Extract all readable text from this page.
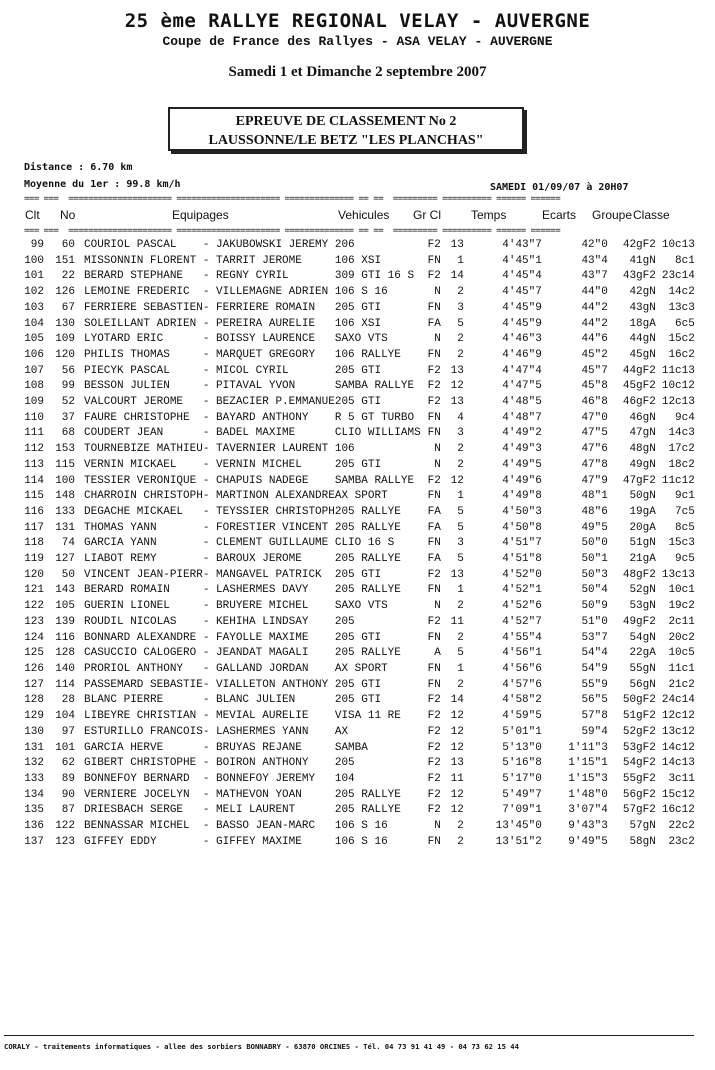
25 ème RALLYE REGIONAL VELAY - AUVERGNE
Coupe de France des Rallyes - ASA VELAY - AUVERGNE
Samedi 1 et Dimanche 2 septembre 2007
EPREUVE DE CLASSEMENT No 2
LAUSSONNE/LE BETZ "LES PLANCHAS"
Distance : 6.70 km
Moyenne du 1er : 99.8 km/h	SAMEDI 01/09/07 à 20H07
=== ===  ===================== ===================== ============== == ==  ========= ========== ====== ======
Clt No	Equipages	Vehicules Gr Cl	Temps	Ecarts Groupe Classe
=== ===  ===================== ===================== ============== == ==  ========= ========== ====== ======
99	60	COURIOL PASCAL	- JAKUBOWSKI JEREMY	206	F2	13	4'43"7	42"0	42gF2	10c13
100	151	MISSONNIN FLORENT	- TARRIT JEROME	106 XSI	FN	1	4'45"1	43"4	41gN	8c1
101	22	BERARD STEPHANE	- REGNY CYRIL	309 GTI 16 S	F2	14	4'45"4	43"7	43gF2	23c14
102	126	LEMOINE FREDERIC	- VILLEMAGNE ADRIEN	106 S 16	N	2	4'45"7	44"0	42gN	14c2
103	67	FERRIERE SEBASTIEN	- FERRIERE ROMAIN	205 GTI	FN	3	4'45"9	44"2	43gN	13c3
104	130	SOLEILLANT ADRIEN	- PEREIRA AURELIE	106 XSI	FA	5	4'45"9	44"2	18gA	6c5
105	109	LYOTARD ERIC	- BOISSY LAURENCE	SAXO VTS	N	2	4'46"3	44"6	44gN	15c2
106	120	PHILIS THOMAS	- MARQUET GREGORY	106 RALLYE	FN	2	4'46"9	45"2	45gN	16c2
107	56	PIECYK PASCAL	- MICOL CYRIL	205 GTI	F2	13	4'47"4	45"7	44gF2	11c13
108	99	BESSON JULIEN	- PITAVAL YVON	SAMBA RALLYE	F2	12	4'47"5	45"8	45gF2	10c12
109	52	VALCOURT JEROME	- BEZACIER P.EMMANUE	205 GTI	F2	13	4'48"5	46"8	46gF2	12c13
110	37	FAURE CHRISTOPHE	- BAYARD ANTHONY	R 5 GT TURBO	FN	4	4'48"7	47"0	46gN	9c4
111	68	COUDERT JEAN	- BADEL MAXIME	CLIO WILLIAMS	FN	3	4'49"2	47"5	47gN	14c3
112	153	TOURNEBIZE MATHIEU	- TAVERNIER LAURENT	106	N	2	4'49"3	47"6	48gN	17c2
113	115	VERNIN MICKAEL	- VERNIN MICHEL	205 GTI	N	2	4'49"5	47"8	49gN	18c2
114	100	TESSIER VERONIQUE	- CHAPUIS NADEGE	SAMBA RALLYE	F2	12	4'49"6	47"9	47gF2	11c12
115	148	CHARROIN CHRISTOPH	- MARTINON ALEXANDRE	AX SPORT	FN	1	4'49"8	48"1	50gN	9c1
116	133	DEGACHE MICKAEL	- TEYSSIER CHRISTOPH	205 RALLYE	FA	5	4'50"3	48"6	19gA	7c5
117	131	THOMAS YANN	- FORESTIER VINCENT	205 RALLYE	FA	5	4'50"8	49"5	20gA	8c5
118	74	GARCIA YANN	- CLEMENT GUILLAUME	CLIO 16 S	FN	3	4'51"7	50"0	51gN	15c3
119	127	LIABOT REMY	- BAROUX JEROME	205 RALLYE	FA	5	4'51"8	50"1	21gA	9c5
120	50	VINCENT JEAN-PIERR	- MANGAVEL PATRICK	205 GTI	F2	13	4'52"0	50"3	48gF2	13c13
121	143	BERARD ROMAIN	- LASHERMES DAVY	205 RALLYE	FN	1	4'52"1	50"4	52gN	10c1
122	105	GUERIN LIONEL	- BRUYERE MICHEL	SAXO VTS	N	2	4'52"6	50"9	53gN	19c2
123	139	ROUDIL NICOLAS	- KEHIHA LINDSAY	205	F2	11	4'52"7	51"0	49gF2	2c11
124	116	BONNARD ALEXANDRE	- FAYOLLE MAXIME	205 GTI	FN	2	4'55"4	53"7	54gN	20c2
125	128	CASUCCIO CALOGERO	- JEANDAT MAGALI	205 RALLYE	A	5	4'56"1	54"4	22gA	10c5
126	140	PRORIOL ANTHONY	- GALLAND JORDAN	AX SPORT	FN	1	4'56"6	54"9	55gN	11c1
127	114	PASSEMARD SEBASTIE	- VIALLETON ANTHONY	205 GTI	FN	2	4'57"6	55"9	56gN	21c2
128	28	BLANC PIERRE	- BLANC JULIEN	205 GTI	F2	14	4'58"2	56"5	50gF2	24c14
129	104	LIBEYRE CHRISTIAN	- MEVIAL AURELIE	VISA 11 RE	F2	12	4'59"5	57"8	51gF2	12c12
130	97	ESTURILLO FRANCOIS	- LASHERMES YANN	AX	F2	12	5'01"1	59"4	52gF2	13c12
131	101	GARCIA HERVE	- BRUYAS REJANE	SAMBA	F2	12	5'13"0	1'11"3	53gF2	14c12
132	62	GIBERT CHRISTOPHE	- BOIRON ANTHONY	205	F2	13	5'16"8	1'15"1	54gF2	14c13
133	89	BONNEFOY BERNARD	- BONNEFOY JEREMY	104	F2	11	5'17"0	1'15"3	55gF2	3c11
134	90	VERNIERE JOCELYN	- MATHEVON YOAN	205 RALLYE	F2	12	5'49"7	1'48"0	56gF2	15c12
135	87	DRIESBACH SERGE	- MELI LAURENT	205 RALLYE	F2	12	7'09"1	3'07"4	57gF2	16c12
136	122	BENNASSAR MICHEL	- BASSO JEAN-MARC	106 S 16	N	2	13'45"0	9'43"3	57gN	22c2
137	123	GIFFEY EDDY	- GIFFEY MAXIME	106 S 16	FN	2	13'51"2	9'49"5	58gN	23c2
CORALY - traitements informatiques - allee des sorbiers BONNABRY - 63870 ORCINES - Tél. 04 73 91 41 49 - 04 73 62 15 44
